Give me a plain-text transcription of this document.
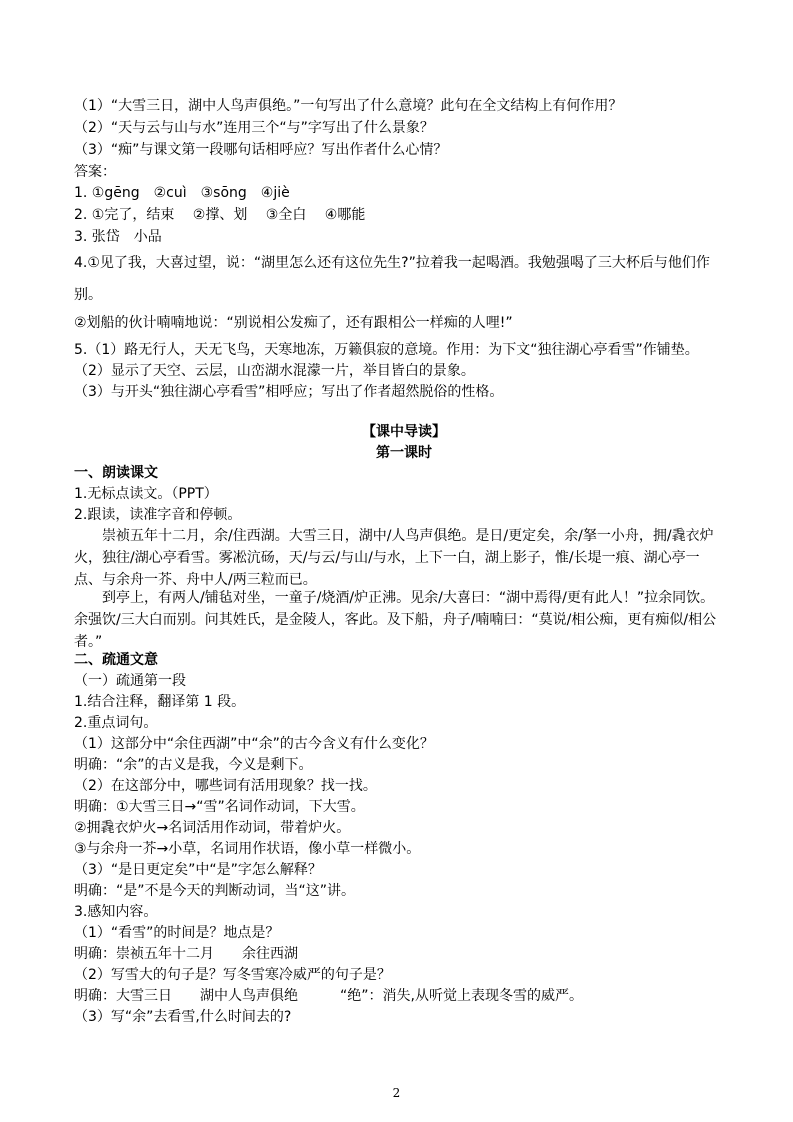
（1）“大雪三日，湖中人鸟声俱绝。”一句写出了什么意境？此句在全文结构上有何作用？
（2）“天与云与山与水”连用三个“与”字写出了什么景象？
（3）“痴”与课文第一段哪句话相呼应？写出作者什么心情？
答案：
1. ①gēng　②cuì　③sōng　④jiè
2. ①完了，结束　 ②撑、划　 ③全白　 ④哪能
3. 张岱　小品
4.①见了我，大喜过望，说：“湖里怎么还有这位先生?”拉着我一起喝酒。我勉强喝了三大杯后与他们作别。
②划船的伙计喃喃地说：“别说相公发痴了，还有跟相公一样痴的人哩!”
5.（1）路无行人，天无飞鸟，天寒地冻，万籁俱寂的意境。作用：为下文“独往湖心亭看雪”作铺垫。
（2）显示了天空、云层，山峦湖水混濛一片，举目皆白的景象。
（3）与开头“独往湖心亭看雪”相呼应；写出了作者超然脱俗的性格。
【课中导读】
第一课时
一、朗读课文
1.无标点读文。（PPT）
2.跟读，读准字音和停顿。
崇祯五年十二月，余/住西湖。大雪三日，湖中/人鸟声俱绝。是日/更定矣，余/拏一小舟，拥/毳衣炉火，独往/湖心亭看雪。雾凇沆砀，天/与云/与山/与水，上下一白，湖上影子，惟/长堤一痕、湖心亭一点、与余舟一芥、舟中人/两三粒而已。
到亭上，有两人/铺毡对坐，一童子/烧酒/炉正沸。见余/大喜曰：“湖中焉得/更有此人！”拉余同饮。余强饮/三大白而别。问其姓氏，是金陵人，客此。及下船，舟子/喃喃曰：“莫说/相公痴，更有痴似/相公者。”
二、疏通文意
（一）疏通第一段
1.结合注释，翻译第 1 段。
2.重点词句。
（1）这部分中“余住西湖”中“余”的古今含义有什么变化？
明确：“余”的古义是我，今义是剩下。
（2）在这部分中，哪些词有活用现象？找一找。
明确：①大雪三日→“雪”名词作动词，下大雪。
②拥毳衣炉火→名词活用作动词，带着炉火。
③与余舟一芥→小草，名词用作状语，像小草一样微小。
（3）“是日更定矣”中“是”字怎么解释？
明确：“是”不是今天的判断动词，当“这”讲。
3.感知内容。
（1）“看雪”的时间是？地点是？
明确：崇祯五年十二月　　余往西湖
（2）写雪大的句子是？写冬雪寒冷威严的句子是？
明确：大雪三日　　湖中人鸟声俱绝　　　“绝”：消失,从听觉上表现冬雪的威严。
（3）写“余”去看雪,什么时间去的?
2
